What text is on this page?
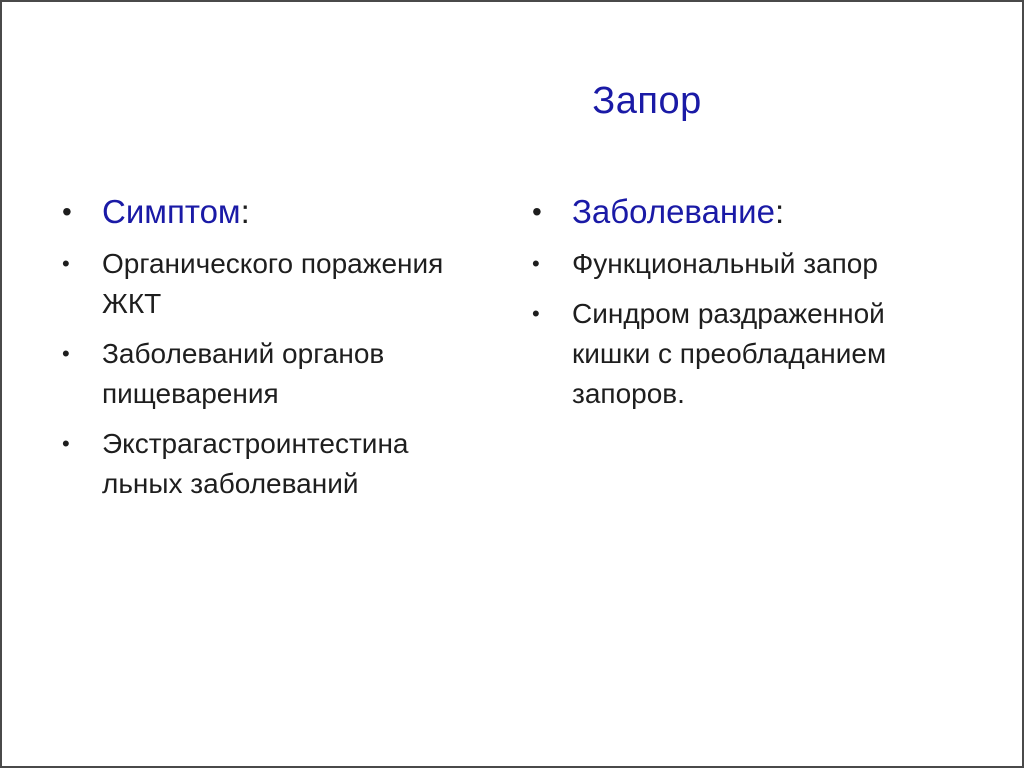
Запор

• Симптом:

•	Органического поражения ЖКТ

•	Заболеваний органов пищеварения

•	Экстрагастроинтестина льных заболеваний

• Заболевание:

•	Функциональный запор

•	Синдром раздраженной кишки с преобладанием запоров.
